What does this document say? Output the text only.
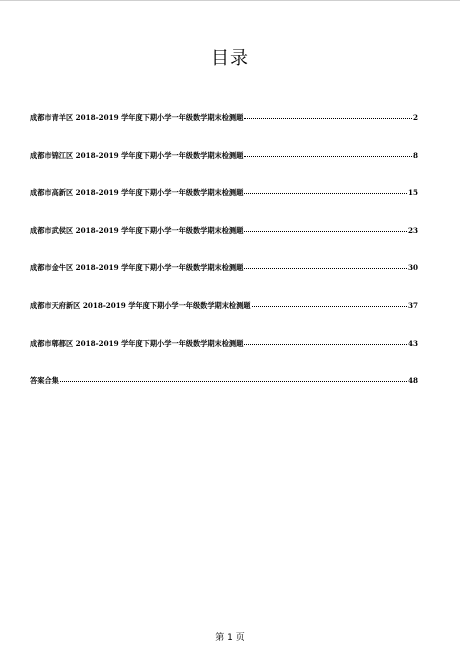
目录
成都市青羊区 2018-2019 学年度下期小学一年级数学期末检测题	2
成都市锦江区 2018-2019 学年度下期小学一年级数学期末检测题	8
成都市高新区 2018-2019 学年度下期小学一年级数学期末检测题	15
成都市武侯区 2018-2019 学年度下期小学一年级数学期末检测题	23
成都市金牛区 2018-2019 学年度下期小学一年级数学期末检测题	30
成都市天府新区 2018-2019 学年度下期小学一年级数学期末检测题	37
成都市郫都区 2018-2019 学年度下期小学一年级数学期末检测题	43
答案合集	48
第 1 页
